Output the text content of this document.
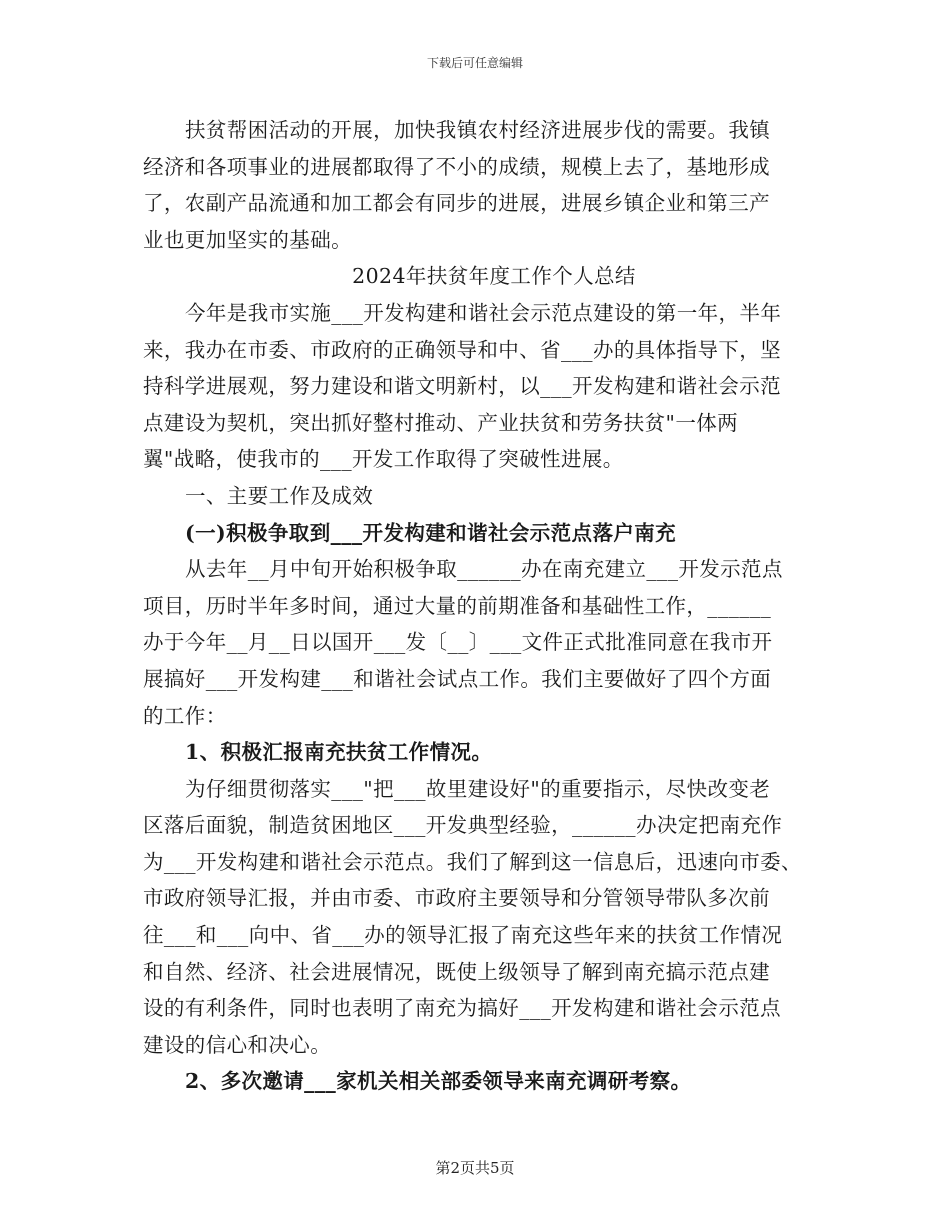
下载后可任意编辑
扶贫帮困活动的开展，加快我镇农村经济进展步伐的需要。我镇
经济和各项事业的进展都取得了不小的成绩，规模上去了，基地形成
了，农副产品流通和加工都会有同步的进展，进展乡镇企业和第三产
业也更加坚实的基础。
2024年扶贫年度工作个人总结
今年是我市实施___开发构建和谐社会示范点建设的第一年，半年
来，我办在市委、市政府的正确领导和中、省___办的具体指导下，坚
持科学进展观，努力建设和谐文明新村，以___开发构建和谐社会示范
点建设为契机，突出抓好整村推动、产业扶贫和劳务扶贫"一体两
翼"战略，使我市的___开发工作取得了突破性进展。
一、主要工作及成效
(一)积极争取到___开发构建和谐社会示范点落户南充
从去年__月中旬开始积极争取______办在南充建立___开发示范点
项目，历时半年多时间，通过大量的前期准备和基础性工作，______
办于今年__月__日以国开___发〔__〕___文件正式批准同意在我市开
展搞好___开发构建___和谐社会试点工作。我们主要做好了四个方面
的工作：
1、积极汇报南充扶贫工作情况。
为仔细贯彻落实___"把___故里建设好"的重要指示，尽快改变老
区落后面貌，制造贫困地区___开发典型经验，______办决定把南充作
为___开发构建和谐社会示范点。我们了解到这一信息后，迅速向市委、
市政府领导汇报，并由市委、市政府主要领导和分管领导带队多次前
往___和___向中、省___办的领导汇报了南充这些年来的扶贫工作情况
和自然、经济、社会进展情况，既使上级领导了解到南充搞示范点建
设的有利条件，同时也表明了南充为搞好___开发构建和谐社会示范点
建设的信心和决心。
2、多次邀请___家机关相关部委领导来南充调研考察。
第2页共5页
